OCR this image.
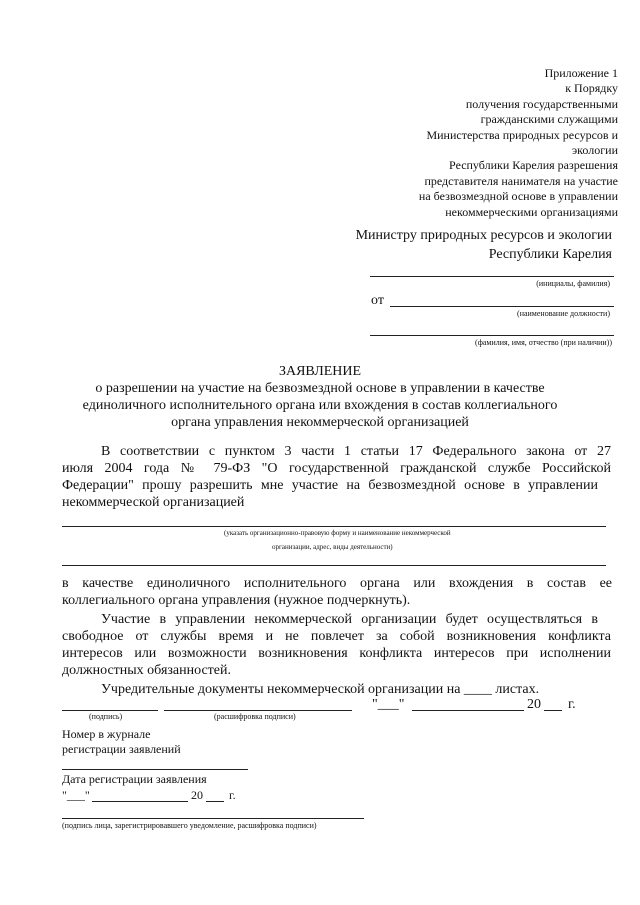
Приложение 1
к Порядку
получения государственными
гражданскими служащими
Министерства природных ресурсов и
экологии
Республики Карелия разрешения
представителя нанимателя на участие
на безвозмездной основе в управлении
некоммерческими организациями
Министру природных ресурсов и экологии
Республики Карелия
(инициалы, фамилия)
от
(наименование должности)
(фамилия, имя, отчество (при наличии))
ЗАЯВЛЕНИЕ
о разрешении на участие на безвозмездной основе в управлении в качестве
единоличного исполнительного органа или вхождения в состав коллегиального
органа управления некоммерческой организацией
В соответствии с пунктом 3 части 1 статьи 17 Федерального закона от 27
июля 2004 года № 79-ФЗ "О государственной гражданской службе Российской
Федерации" прошу разрешить мне участие на безвозмездной основе в управлении
некоммерческой организацией
(указать организационно-правовую форму и наименование некоммерческой
организации, адрес, виды деятельности)
в качестве единоличного исполнительного органа или вхождения в состав ее
коллегиального органа управления (нужное подчеркнуть).
Участие в управлении некоммерческой организации будет осуществляться в
свободное от службы время и не повлечет за собой возникновения конфликта
интересов или возможности возникновения конфликта интересов при исполнении
должностных обязанностей.
Учредительные документы некоммерческой организации на ____ листах.
(подпись)	(расшифровка подписи)
"___"	20 г.
Номер в журнале
регистрации заявлений
Дата регистрации заявления
"___"	20 г.
(подпись лица, зарегистрировавшего уведомление, расшифровка подписи)
